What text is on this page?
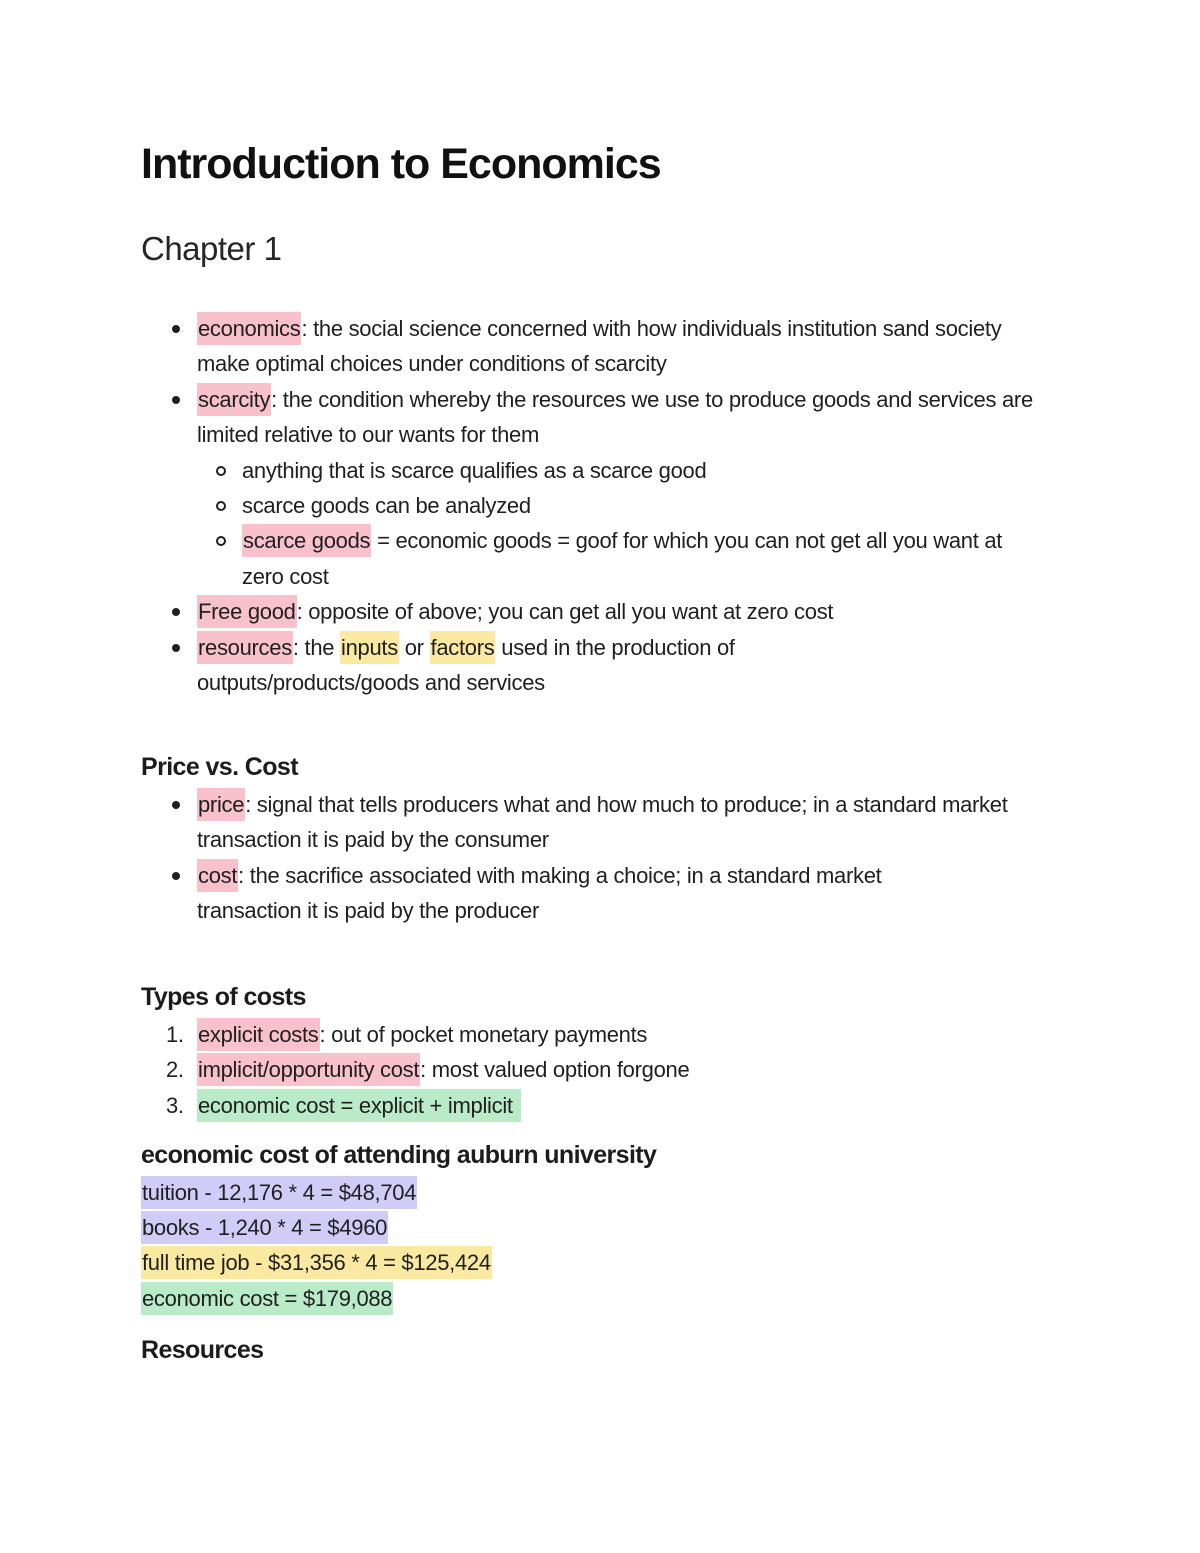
Introduction to Economics
Chapter 1
economics: the social science concerned with how individuals institution sand society make optimal choices under conditions of scarcity
scarcity: the condition whereby the resources we use to produce goods and services are limited relative to our wants for them
anything that is scarce qualifies as a scarce good
scarce goods can be analyzed
scarce goods = economic goods = goof for which you can not get all you want at zero cost
Free good: opposite of above; you can get all you want at zero cost
resources: the inputs or factors used in the production of outputs/products/goods and services
Price vs. Cost
price: signal that tells producers what and how much to produce; in a standard market transaction it is paid by the consumer
cost: the sacrifice associated with making a choice; in a standard market transaction it is paid by the producer
Types of costs
1. explicit costs: out of pocket monetary payments
2. implicit/opportunity cost: most valued option forgone
3. economic cost = explicit + implicit
economic cost of attending auburn university

tuition - 12,176 * 4 = $48,704

books - 1,240 * 4 = $4960

full time job - $31,356 * 4 = $125,424

economic cost = $179,088

Resources
